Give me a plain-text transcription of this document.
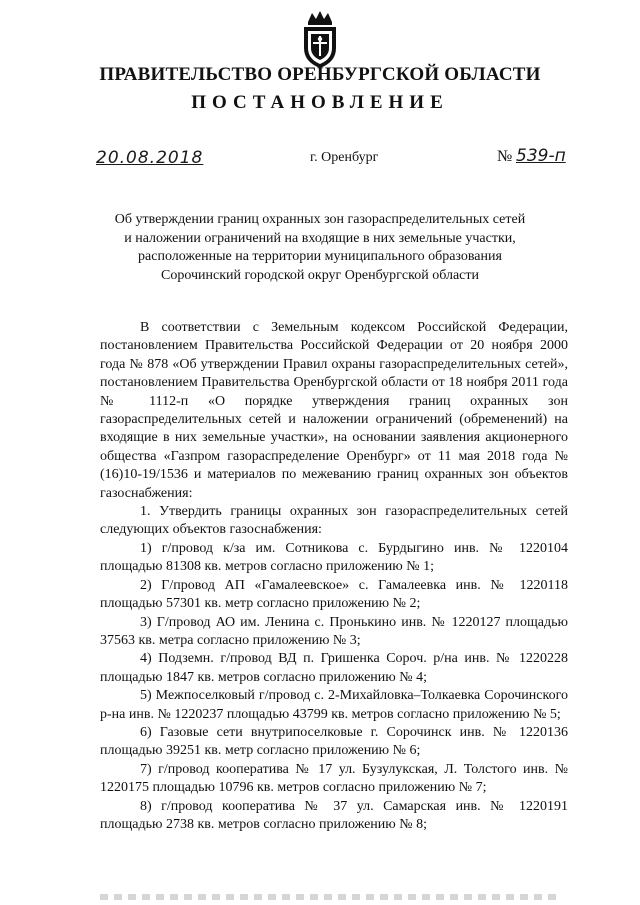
ПРАВИТЕЛЬСТВО ОРЕНБУРГСКОЙ ОБЛАСТИ
ПОСТАНОВЛЕНИЕ
20.08.2018	г. Оренбург	№ 539-п
Об утверждении границ охранных зон газораспределительных сетей
и наложении ограничений на входящие в них земельные участки,
расположенные на территории муниципального образования
Сорочинский городской округ Оренбургской области

В соответствии с Земельным кодексом Российской Федерации, постановлением Правительства Российской Федерации от 20 ноября 2000 года № 878 «Об утверждении Правил охраны газораспределительных сетей», постановлением Правительства Оренбургской области от 18 ноября 2011 года № 1112-п «О порядке утверждения границ охранных зон газораспределительных сетей и наложении ограничений (обременений) на входящие в них земельные участки», на основании заявления акционерного общества «Газпром газораспределение Оренбург» от 11 мая 2018 года № (16)10-19/1536 и материалов по межеванию границ охранных зон объектов газоснабжения:

1. Утвердить границы охранных зон газораспределительных сетей следующих объектов газоснабжения:

1) г/провод к/за им. Сотникова с. Бурдыгино инв. № 1220104 площадью 81308 кв. метров согласно приложению № 1;

2) Г/провод АП «Гамалеевское» с. Гамалеевка инв. № 1220118 площадью 57301 кв. метр согласно приложению № 2;

3) Г/провод АО им. Ленина с. Пронькино инв. № 1220127 площадью 37563 кв. метра согласно приложению № 3;

4) Подземн. г/провод ВД п. Гришенка Сороч. р/на инв. № 1220228 площадью 1847 кв. метров согласно приложению № 4;

5) Межпоселковый г/провод с. 2-Михайловка–Толкаевка Сорочинского р-на инв. № 1220237 площадью 43799 кв. метров согласно приложению № 5;

6) Газовые сети внутрипоселковые г. Сорочинск инв. № 1220136 площадью 39251 кв. метр согласно приложению № 6;

7) г/провод кооператива № 17 ул. Бузулукская, Л. Толстого инв. № 1220175 площадью 10796 кв. метров согласно приложению № 7;

8) г/провод кооператива № 37 ул. Самарская инв. № 1220191 площадью 2738 кв. метров согласно приложению № 8;
